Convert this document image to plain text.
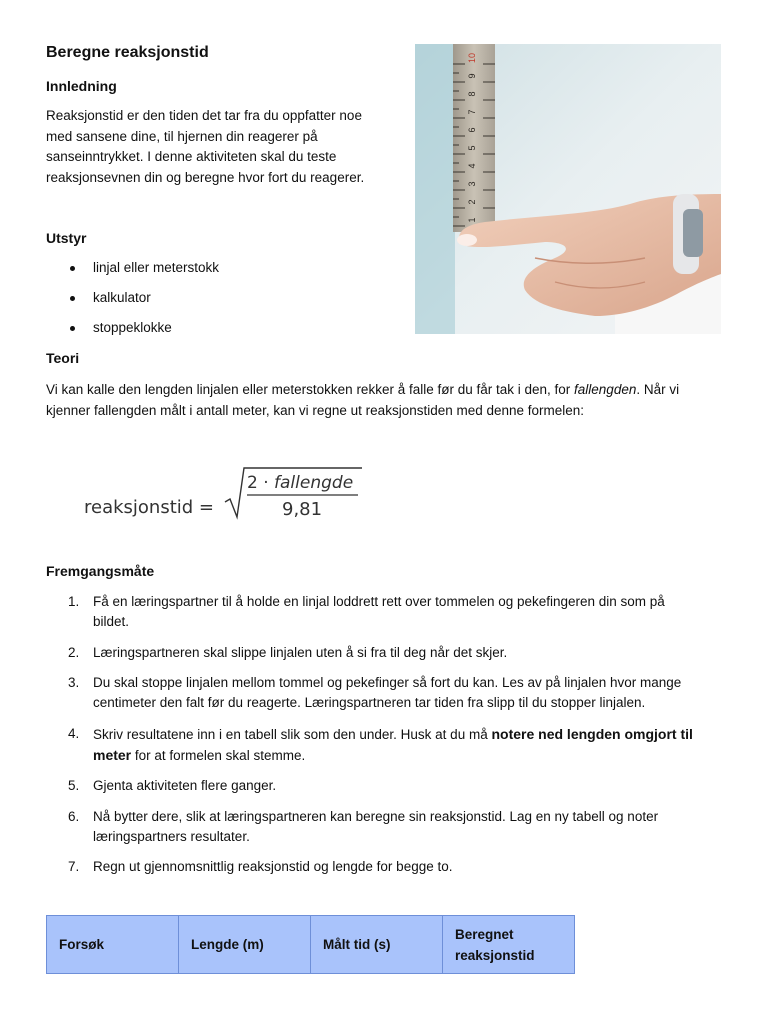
Beregne reaksjonstid
Innledning
Reaksjonstid er den tiden det tar fra du oppfatter noe
med sansene dine, til hjernen din reagerer på
sanseinntrykket. I denne aktiviteten skal du teste
reaksjonsevnen din og beregne hvor fort du reagerer.
Utstyr
linjal eller meterstokk
kalkulator
stoppeklokke
1
2
3
4
5
6
7
8
9
10
Teori
Vi kan kalle den lengden linjalen eller meterstokken rekker å falle før du får tak i den, for fallengden. Når vi
kjenner fallengden målt i antall meter, kan vi regne ut reaksjonstiden med denne formelen:
reaksjonstid =
2 · fallengde
9,81
Fremgangsmåte
1. Få en læringspartner til å holde en linjal loddrett rett over tommelen og pekefingeren din som på
bildet.
2. Læringspartneren skal slippe linjalen uten å si fra til deg når det skjer.
3. Du skal stoppe linjalen mellom tommel og pekefinger så fort du kan. Les av på linjalen hvor mange
centimeter den falt før du reagerte. Læringspartneren tar tiden fra slipp til du stopper linjalen.
4. Skriv resultatene inn i en tabell slik som den under. Husk at du må notere ned lengden omgjort til
meter for at formelen skal stemme.
5. Gjenta aktiviteten flere ganger.
6. Nå bytter dere, slik at læringspartneren kan beregne sin reaksjonstid. Lag en ny tabell og noter
læringspartners resultater.
7. Regn ut gjennomsnittlig reaksjonstid og lengde for begge to.
Forsøk	Lengde (m)	Målt tid (s)	Beregnet reaksjonstid
